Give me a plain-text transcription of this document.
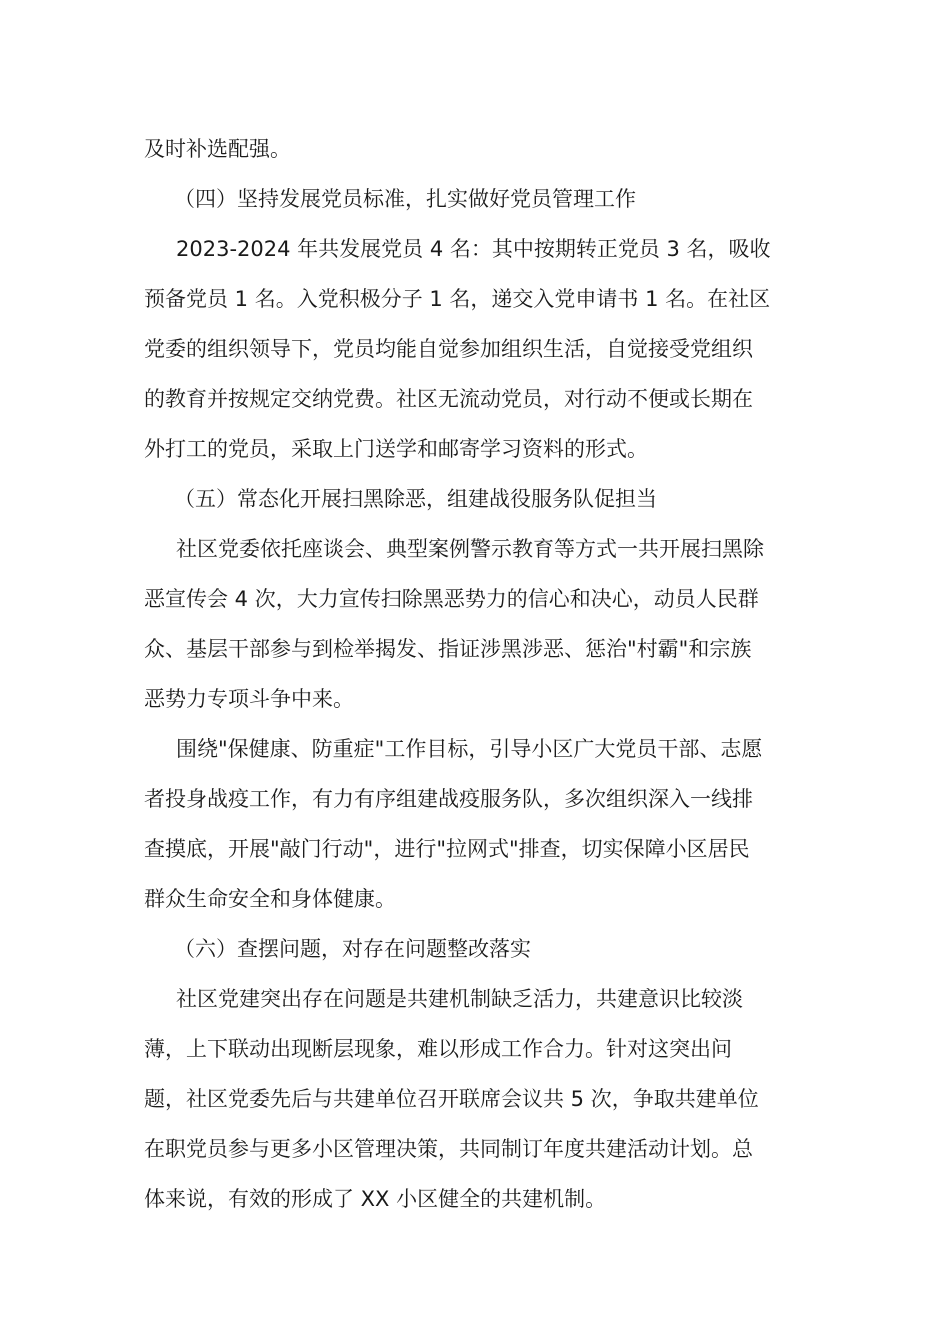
及时补选配强。
（四）坚持发展党员标准，扎实做好党员管理工作
2023-2024 年共发展党员 4 名：其中按期转正党员 3 名，吸收
预备党员 1 名。入党积极分子 1 名，递交入党申请书 1 名。在社区
党委的组织领导下，党员均能自觉参加组织生活，自觉接受党组织
的教育并按规定交纳党费。社区无流动党员，对行动不便或长期在
外打工的党员，采取上门送学和邮寄学习资料的形式。
（五）常态化开展扫黑除恶，组建战役服务队促担当
社区党委依托座谈会、典型案例警示教育等方式一共开展扫黑除
恶宣传会 4 次，大力宣传扫除黑恶势力的信心和决心，动员人民群
众、基层干部参与到检举揭发、指证涉黑涉恶、惩治"村霸"和宗族
恶势力专项斗争中来。
围绕"保健康、防重症"工作目标，引导小区广大党员干部、志愿
者投身战疫工作，有力有序组建战疫服务队，多次组织深入一线排
查摸底，开展"敲门行动"，进行"拉网式"排查，切实保障小区居民
群众生命安全和身体健康。
（六）查摆问题，对存在问题整改落实
社区党建突出存在问题是共建机制缺乏活力，共建意识比较淡
薄，上下联动出现断层现象，难以形成工作合力。针对这突出问
题，社区党委先后与共建单位召开联席会议共 5 次，争取共建单位
在职党员参与更多小区管理决策，共同制订年度共建活动计划。总
体来说，有效的形成了 XX 小区健全的共建机制。
